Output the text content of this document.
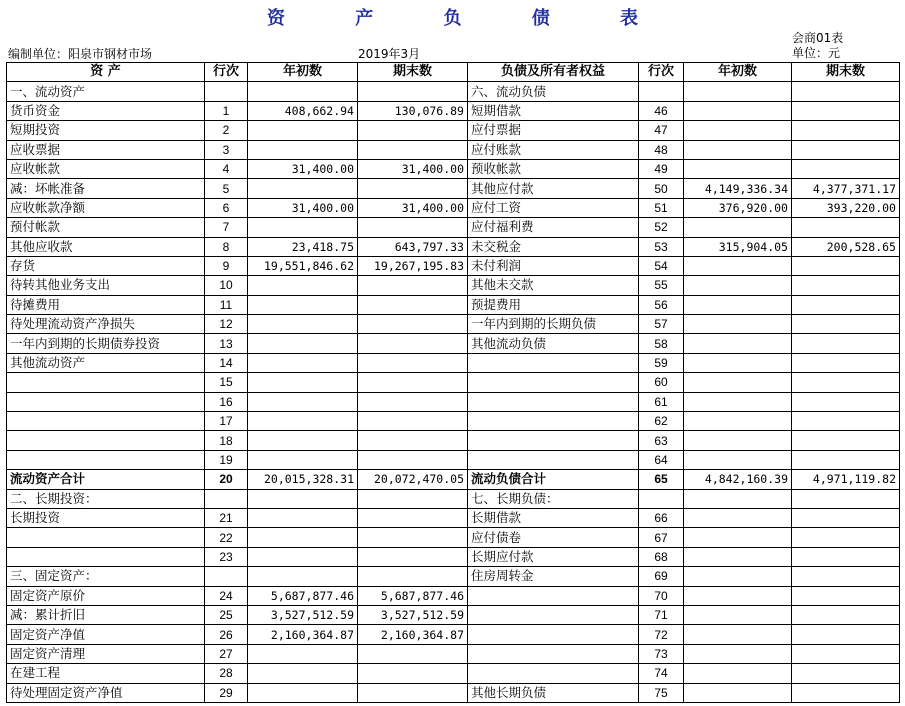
资 产 负 债 表
会商01表
编制单位：阳泉市钢材市场	2019年3月	单位：元
资 产	行次	年初数	期末数	负债及所有者权益	行次	年初数	期末数
一、流动资产				六、流动负债			
货币资金	1	408,662.94	130,076.89	短期借款	46		
短期投资	2			应付票据	47		
应收票据	3			应付账款	48		
应收帐款	4	31,400.00	31,400.00	预收帐款	49		
减：坏帐准备	5			其他应付款	50	4,149,336.34	4,377,371.17
应收帐款净额	6	31,400.00	31,400.00	应付工资	51	376,920.00	393,220.00
预付帐款	7			应付福利费	52		
其他应收款	8	23,418.75	643,797.33	未交税金	53	315,904.05	200,528.65
存货	9	19,551,846.62	19,267,195.83	未付利润	54		
待转其他业务支出	10			其他未交款	55		
待摊费用	11			预提费用	56		
待处理流动资产净损失	12			一年内到期的长期负债	57		
一年内到期的长期债券投资	13			其他流动负债	58		
其他流动资产	14				59		
	15				60		
	16				61		
	17				62		
	18				63		
	19				64		
流动资产合计	20	20,015,328.31	20,072,470.05	流动负债合计	65	4,842,160.39	4,971,119.82
二、长期投资：				七、长期负债：			
长期投资	21			长期借款	66		
	22			应付债卷	67		
	23			长期应付款	68		
三、固定资产：				住房周转金	69		
固定资产原价	24	5,687,877.46	5,687,877.46		70		
减：累计折旧	25	3,527,512.59	3,527,512.59		71		
固定资产净值	26	2,160,364.87	2,160,364.87		72		
固定资产清理	27				73		
在建工程	28				74		
待处理固定资产净值	29			其他长期负债	75		
